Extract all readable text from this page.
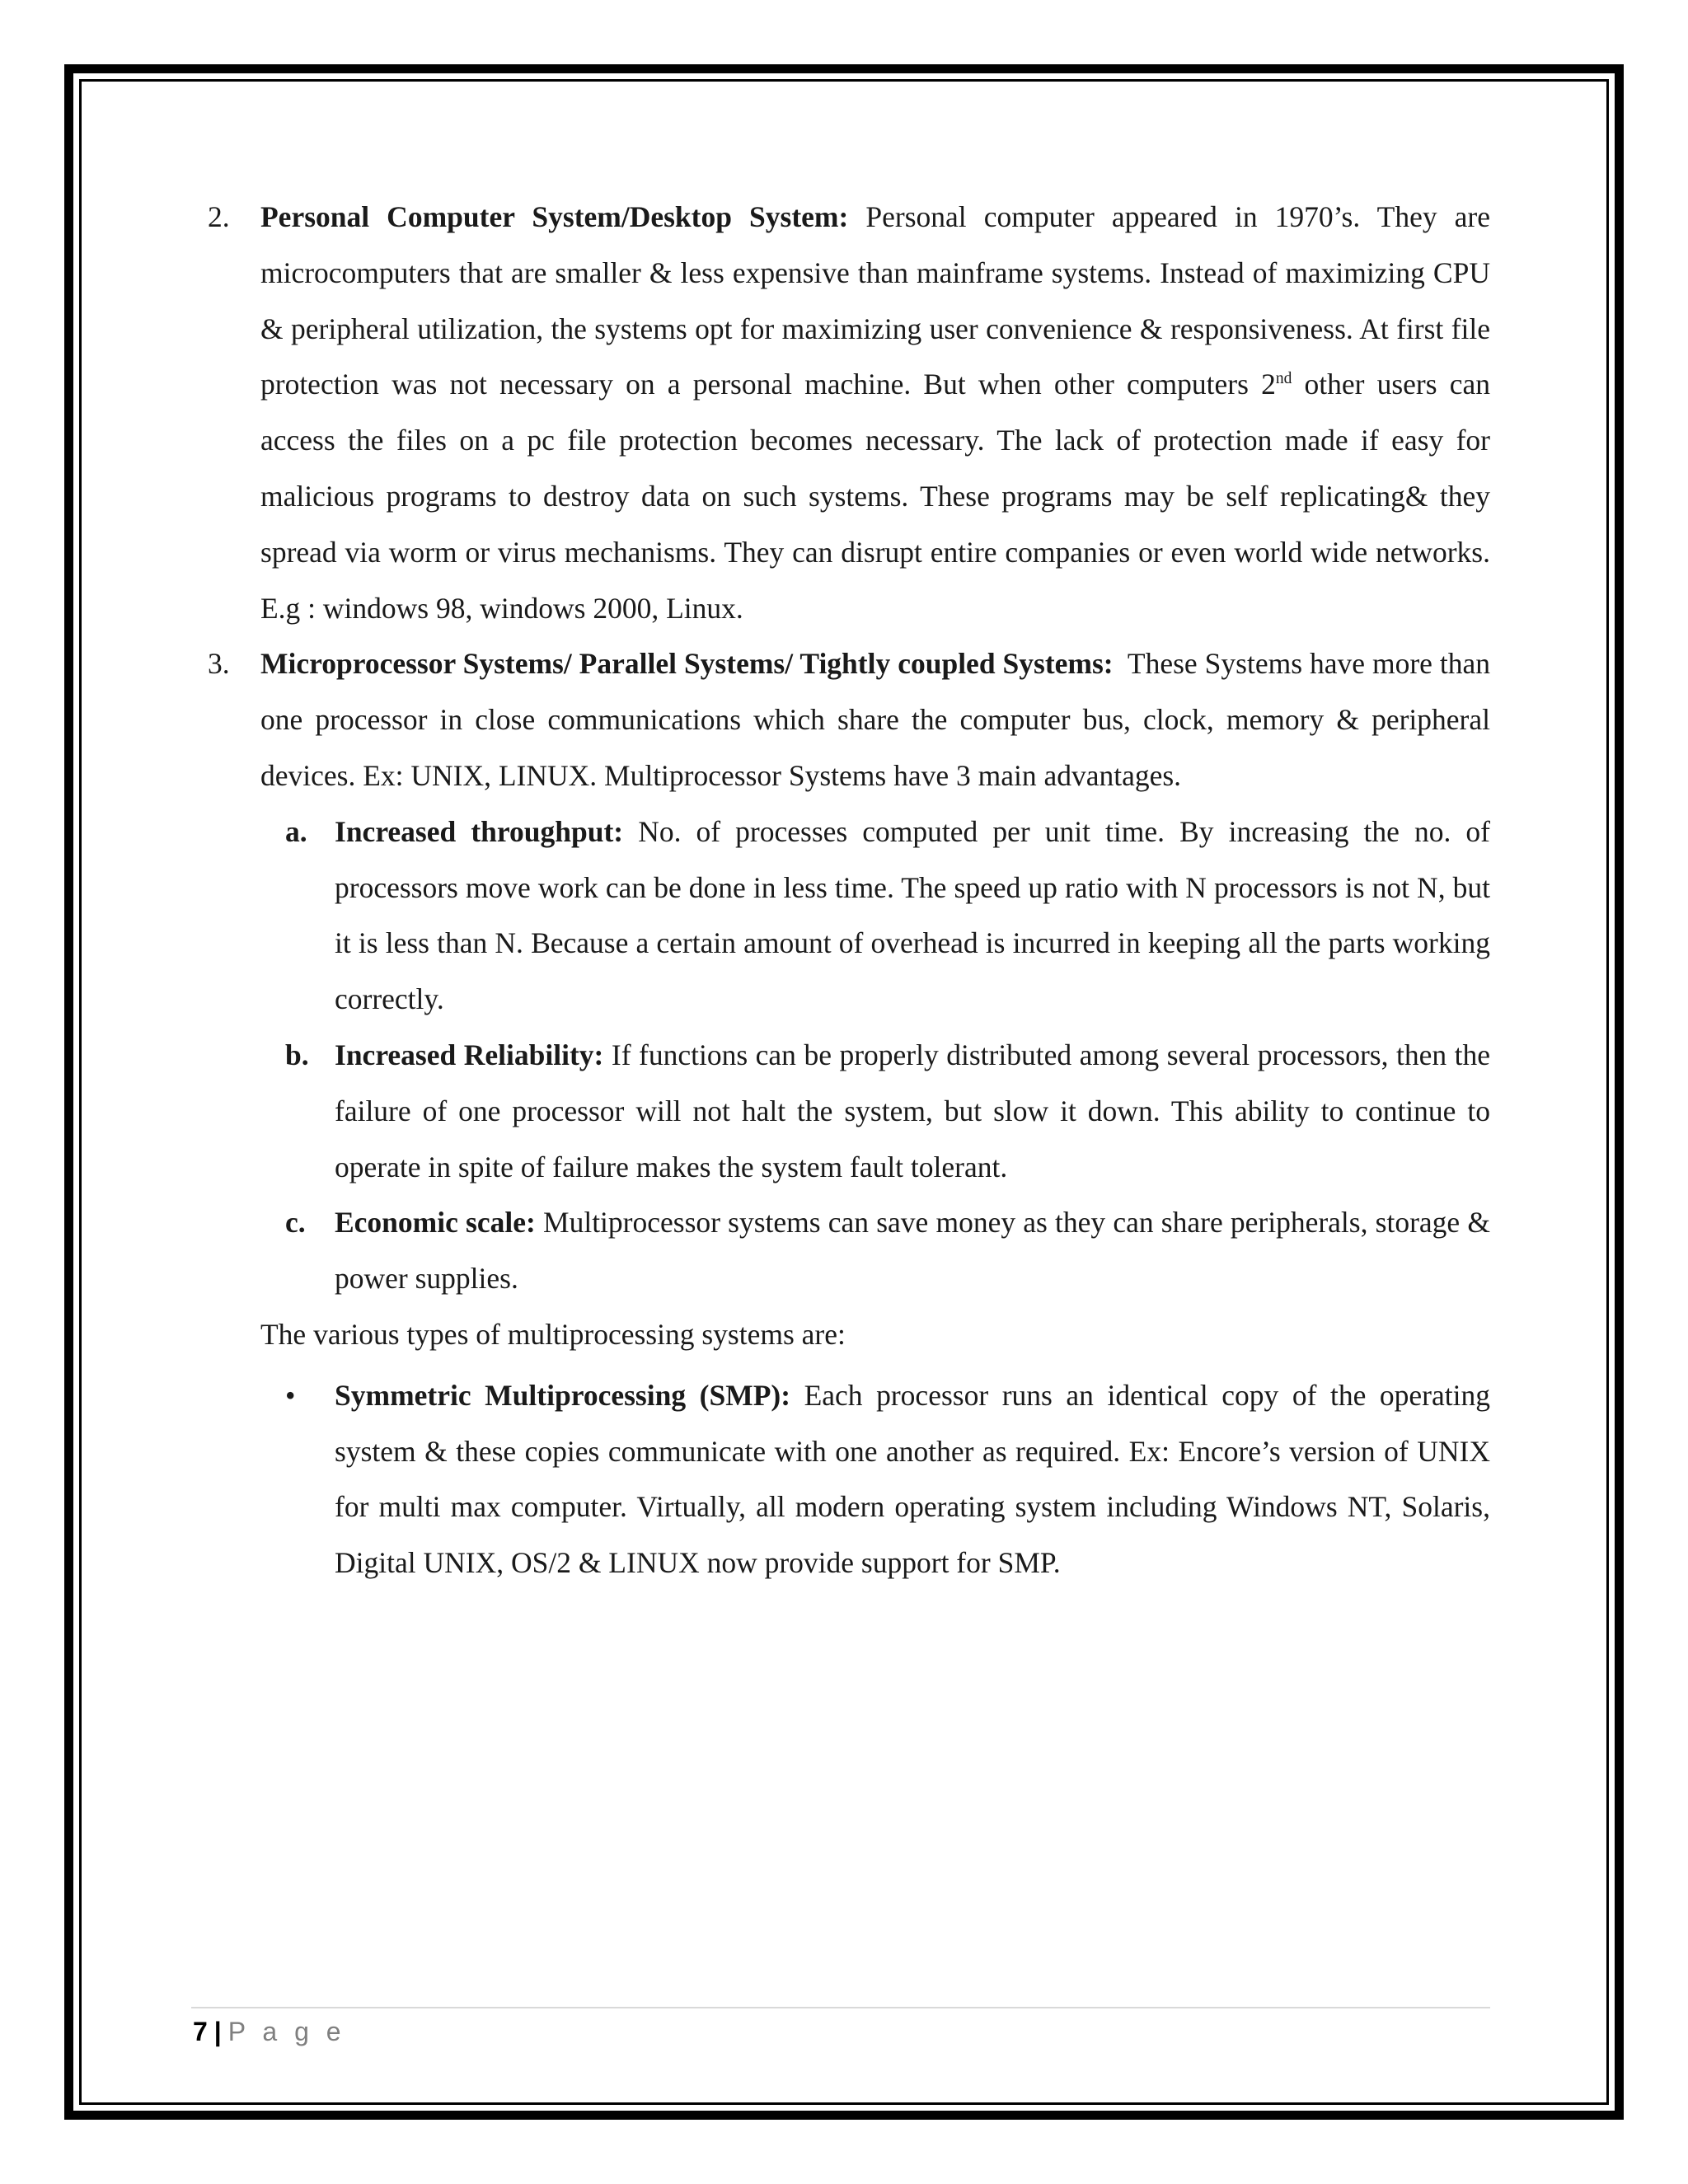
2. Personal Computer System/Desktop System: Personal computer appeared in 1970’s. They are microcomputers that are smaller & less expensive than mainframe systems. Instead of maximizing CPU & peripheral utilization, the systems opt for maximizing user convenience & responsiveness. At first file protection was not necessary on a personal machine. But when other computers 2nd other users can access the files on a pc file protection becomes necessary. The lack of protection made if easy for malicious programs to destroy data on such systems. These programs may be self replicating& they spread via worm or virus mechanisms. They can disrupt entire companies or even world wide networks. E.g : windows 98, windows 2000, Linux.
3. Microprocessor Systems/ Parallel Systems/ Tightly coupled Systems:  These Systems have more than one processor in close communications which share the computer bus, clock, memory & peripheral devices. Ex: UNIX, LINUX. Multiprocessor Systems have 3 main advantages.
a. Increased throughput: No. of processes computed per unit time. By increasing the no. of processors move work can be done in less time. The speed up ratio with N processors is not N, but it is less than N. Because a certain amount of overhead is incurred in keeping all the parts working correctly.
b. Increased Reliability: If functions can be properly distributed among several processors, then the failure of one processor will not halt the system, but slow it down. This ability to continue to operate in spite of failure makes the system fault tolerant.
c. Economic scale: Multiprocessor systems can save money as they can share peripherals, storage & power supplies.
The various types of multiprocessing systems are:
• Symmetric Multiprocessing (SMP): Each processor runs an identical copy of the operating system & these copies communicate with one another as required. Ex: Encore’s version of UNIX for multi max computer. Virtually, all modern operating system including Windows NT, Solaris, Digital UNIX, OS/2 & LINUX now provide support for SMP.
7 | P a g e
